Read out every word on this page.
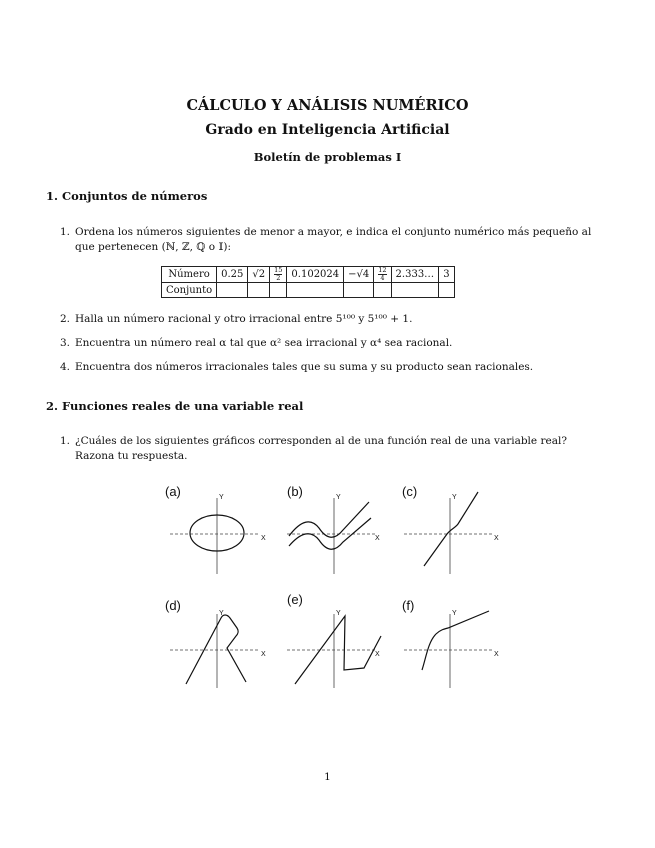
CÁLCULO Y ANÁLISIS NUMÉRICO
Grado en Inteligencia Artificial
Boletín de problemas I
1. Conjuntos de números
1. Ordena los números siguientes de menor a mayor, e indica el conjunto numérico más pequeño al que pertenecen (ℕ, ℤ, ℚ o 𝕀):
Número	0.25	√2	$\frac{15}{2}$	0.102024	−√4	$\frac{12}{4}$	2.333…	3
Conjunto								
2. Halla un número racional y otro irracional entre 5¹⁰⁰ y 5¹⁰⁰ + 1.
3. Encuentra un número real α tal que α² sea irracional y α⁴ sea racional.
4. Encuentra dos números irracionales tales que su suma y su producto sean racionales.
2. Funciones reales de una variable real
1. ¿Cuáles de los siguientes gráficos corresponden al de una función real de una variable real? Razona tu respuesta.
(a)	Y
X
(b)	Y
X
(c)	Y
X
(d)
Y
X
(e)
Y
X
(f)
Y
X
1
